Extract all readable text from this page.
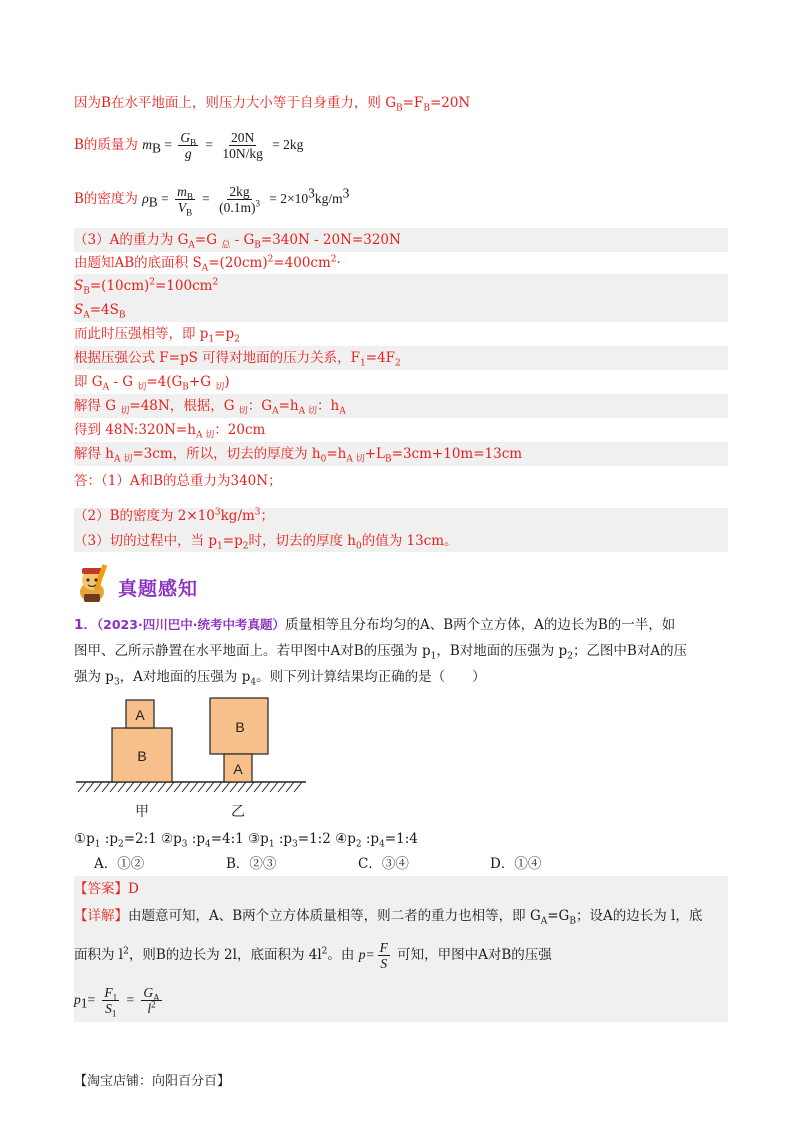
因为B在水平地面上，则压力大小等于自身重力，则 $G_B=F_B=20N$
B的质量为 $m_B = \frac{G_B}{g} = \frac{20N}{10N/kg} = 2kg$
B的密度为 $\rho_B = \frac{m_B}{V_B} = \frac{2kg}{(0.1m)^3} = 2\times 10^3kg/m^3$
（3）A的重力为 $G_A=G$ $_总 - G_B=340N - 20N=320N$
由题知AB的底面积 $S_A=(20cm)^2=400cm^2\cdot$
$S_B=(10cm)^2=100cm^2$
$S_A=4S_B$
而此时压强相等，即 $p_1=p_2$
根据压强公式 F=pS 可得对地面的压力关系，$F_1=4F_2$
即 $G_A$ - G $_切=4(G_B+G$ $_切$)
解得 G $_切$=48N，根据，G $_切$：$G_A=h_{A 切}$：$h_A$
得到 $48N:320N=h_{A 切}$：20cm
解得 $h_{A 切}=3cm$，所以，切去的厚度为 $h_0=h_{A 切}+L_B=3cm+10m=13cm$
答：（1）A和B的总重力为340N；
（2）B的密度为 $2\times 10^3kg/m^3$；
（3）切的过程中，当 $p_1=p_2$时，切去的厚度 $h_0$的值为 13cm。
真题感知
1．（2023·四川巴中·统考中考真题）质量相等且分布均匀的A、B两个立方体，A的边长为B的一半，如
图甲、乙所示静置在水平地面上。若甲图中A对B的压强为 $p_1$，B对地面的压强为 $p_2$；乙图中B对A的压
强为 $p_3$，A对地面的压强为 $p_4$。则下列计算结果均正确的是（　　）
A
B
B
A
甲	乙
$①p_1$ $:p_2=2:1$ $②p_3$ $:p_4=4:1$ $③p_1$ $:p_3=1:2$ $④p_2$ $:p_4=1:4$
A．①②	B．②③	C．③④	D．①④
【答案】D
【详解】由题意可知，A、B两个立方体质量相等，则二者的重力也相等，即 $G_A=G_B$；设A的边长为 l，底
面积为 $l^2$，则B的边长为 2l，底面积为 $4l^2$。由 $p= \frac{F}{S}$ 可知，甲图中A对B的压强
$p_1= \frac{F_1}{S_1} = \frac{G_A}{l^2}$
【淘宝店铺：向阳百分百】
